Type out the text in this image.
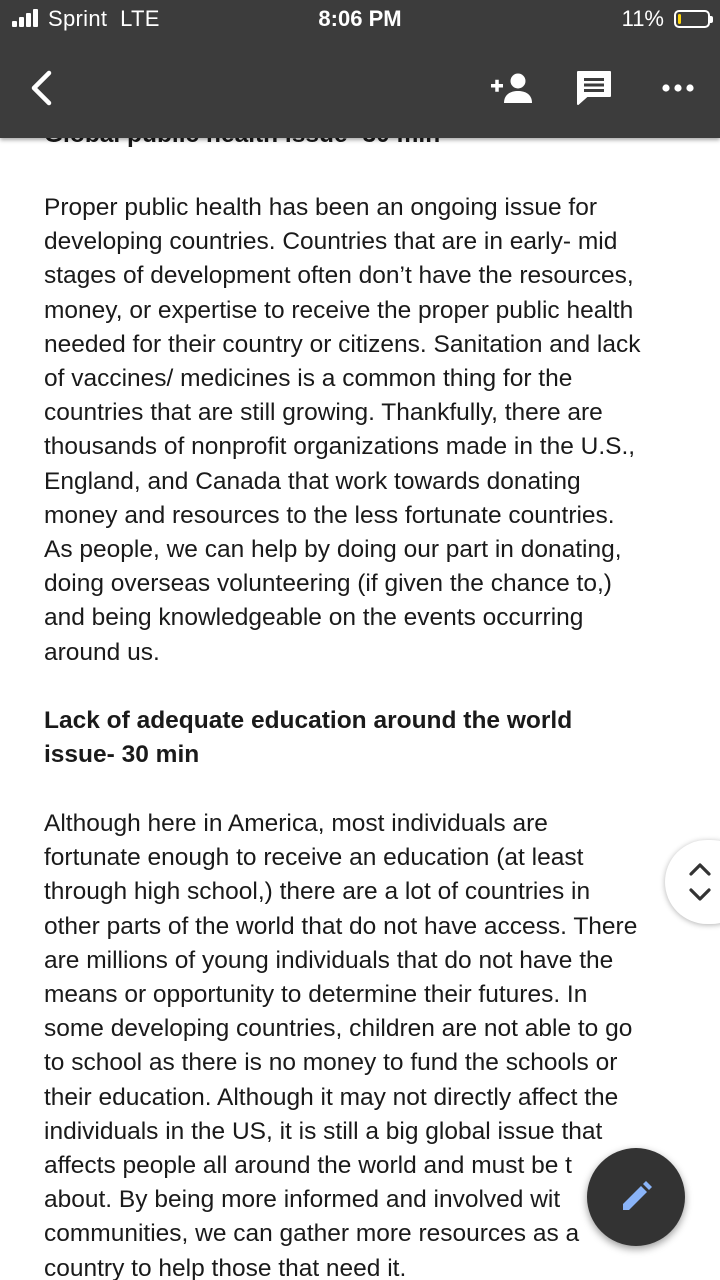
Proper public health has been an ongoing issue for
developing countries. Countries that are in early- mid
stages of development often don’t have the resources,
money, or expertise to receive the proper public health
needed for their country or citizens. Sanitation and lack
of vaccines/ medicines is a common thing for the
countries that are still growing. Thankfully, there are
thousands of nonprofit organizations made in the U.S.,
England, and Canada that work towards donating
money and resources to the less fortunate countries.
As people, we can help by doing our part in donating,
doing overseas volunteering (if given the chance to,)
and being knowledgeable on the events occurring
around us.
Lack of adequate education around the world
issue- 30 min
Although here in America, most individuals are
fortunate enough to receive an education (at least
through high school,) there are a lot of countries in
other parts of the world that do not have access. There
are millions of young individuals that do not have the
means or opportunity to determine their futures. In
some developing countries, children are not able to go
to school as there is no money to fund the schools or
their education. Although it may not directly affect the
individuals in the US, it is still a big global issue that
affects people all around the world and must be t
about. By being more informed and involved wit
communities, we can gather more resources as a
country to help those that need it.
Sprint  LTE	8:06 PM	11%
